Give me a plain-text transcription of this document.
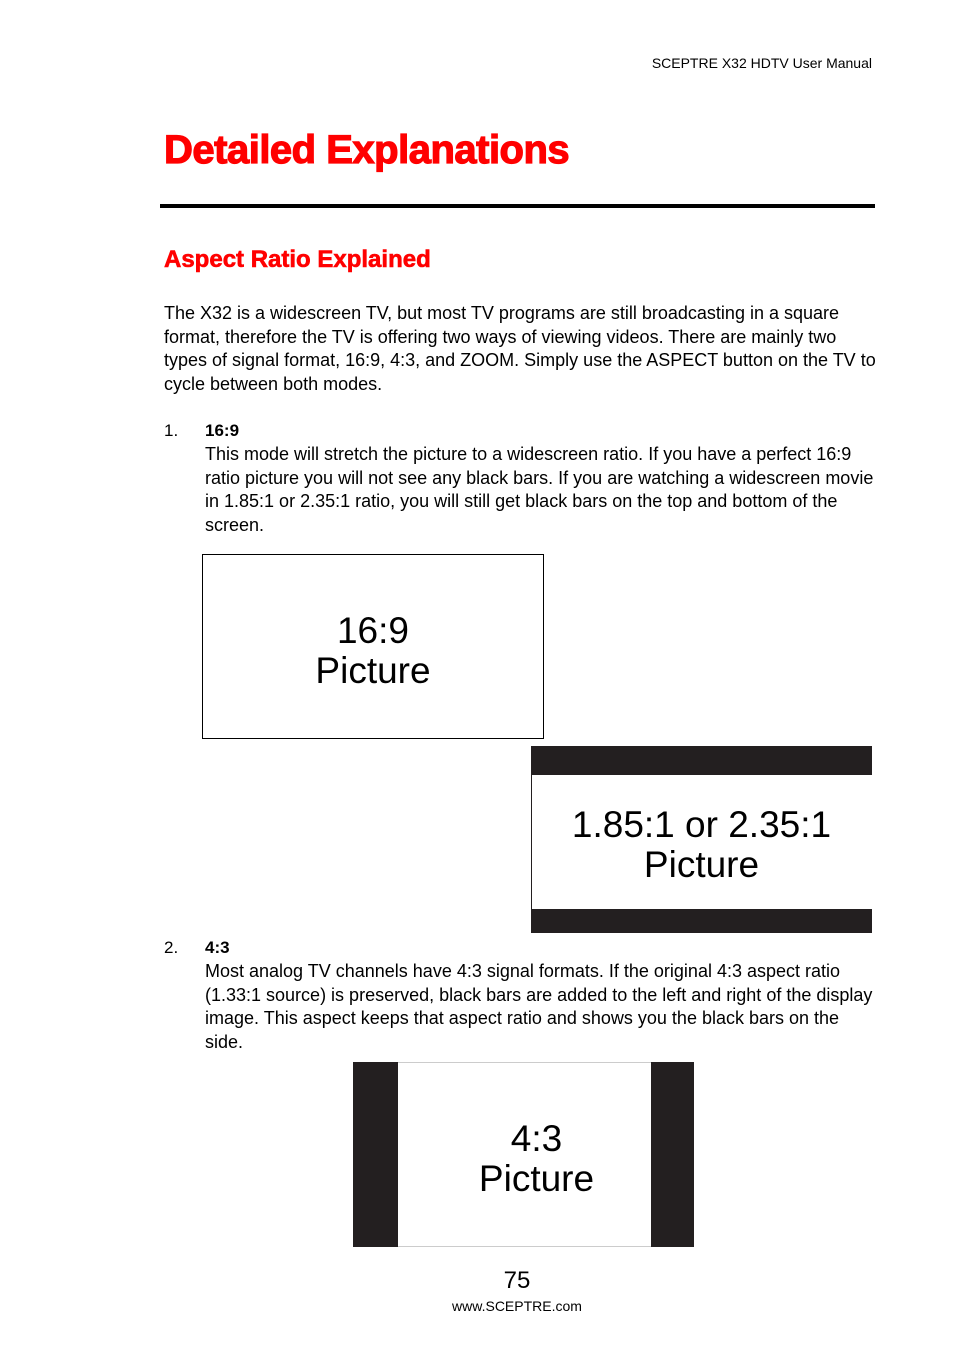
SCEPTRE X32 HDTV User Manual
Detailed Explanations
Aspect Ratio Explained

The X32 is a widescreen TV, but most TV programs are still broadcasting in a square format, therefore the TV is offering two ways of viewing videos. There are mainly two types of signal format, 16:9, 4:3, and ZOOM. Simply use the ASPECT button on the TV to cycle between both modes.

1. 16:9

This mode will stretch the picture to a widescreen ratio. If you have a perfect 16:9 ratio picture you will not see any black bars. If you are watching a widescreen movie in 1.85:1 or 2.35:1 ratio, you will still get black bars on the top and bottom of the screen.

16:9
Picture
1.85:1 or 2.35:1
Picture
2. 4:3

Most analog TV channels have 4:3 signal formats. If the original 4:3 aspect ratio (1.33:1 source) is preserved, black bars are added to the left and right of the display image. This aspect keeps that aspect ratio and shows you the black bars on the side.

4:3
Picture
75
www.SCEPTRE.com
